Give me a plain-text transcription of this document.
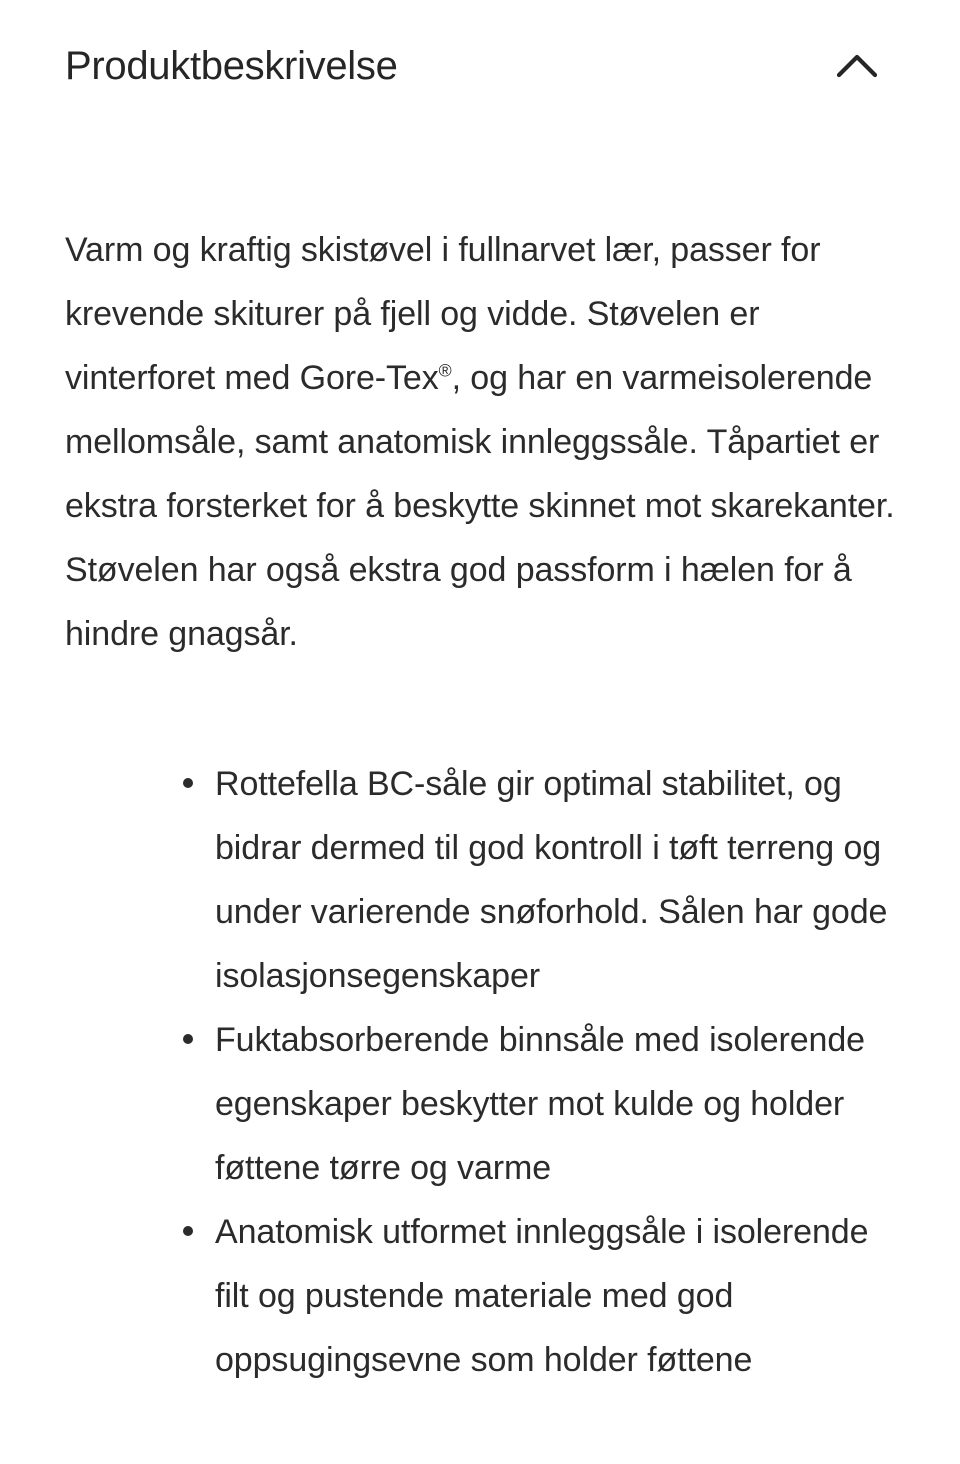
Produktbeskrivelse

Varm og kraftig skistøvel i fullnarvet lær, passer for krevende skiturer på fjell og vidde. Støvelen er vinterforet med Gore-Tex®, og har en varmeisolerende mellomsåle, samt anatomisk innleggssåle. Tåpartiet er ekstra forsterket for å beskytte skinnet mot skarekanter. Støvelen har også ekstra god passform i hælen for å hindre gnagsår.

Rottefella BC-såle gir optimal stabilitet, og bidrar dermed til god kontroll i tøft terreng og under varierende snøforhold. Sålen har gode isolasjonsegenskaper
Fuktabsorberende binnsåle med isolerende egenskaper beskytter mot kulde og holder føttene tørre og varme
Anatomisk utformet innleggsåle i isolerende filt og pustende materiale med god oppsugingsevne som holder føttene
